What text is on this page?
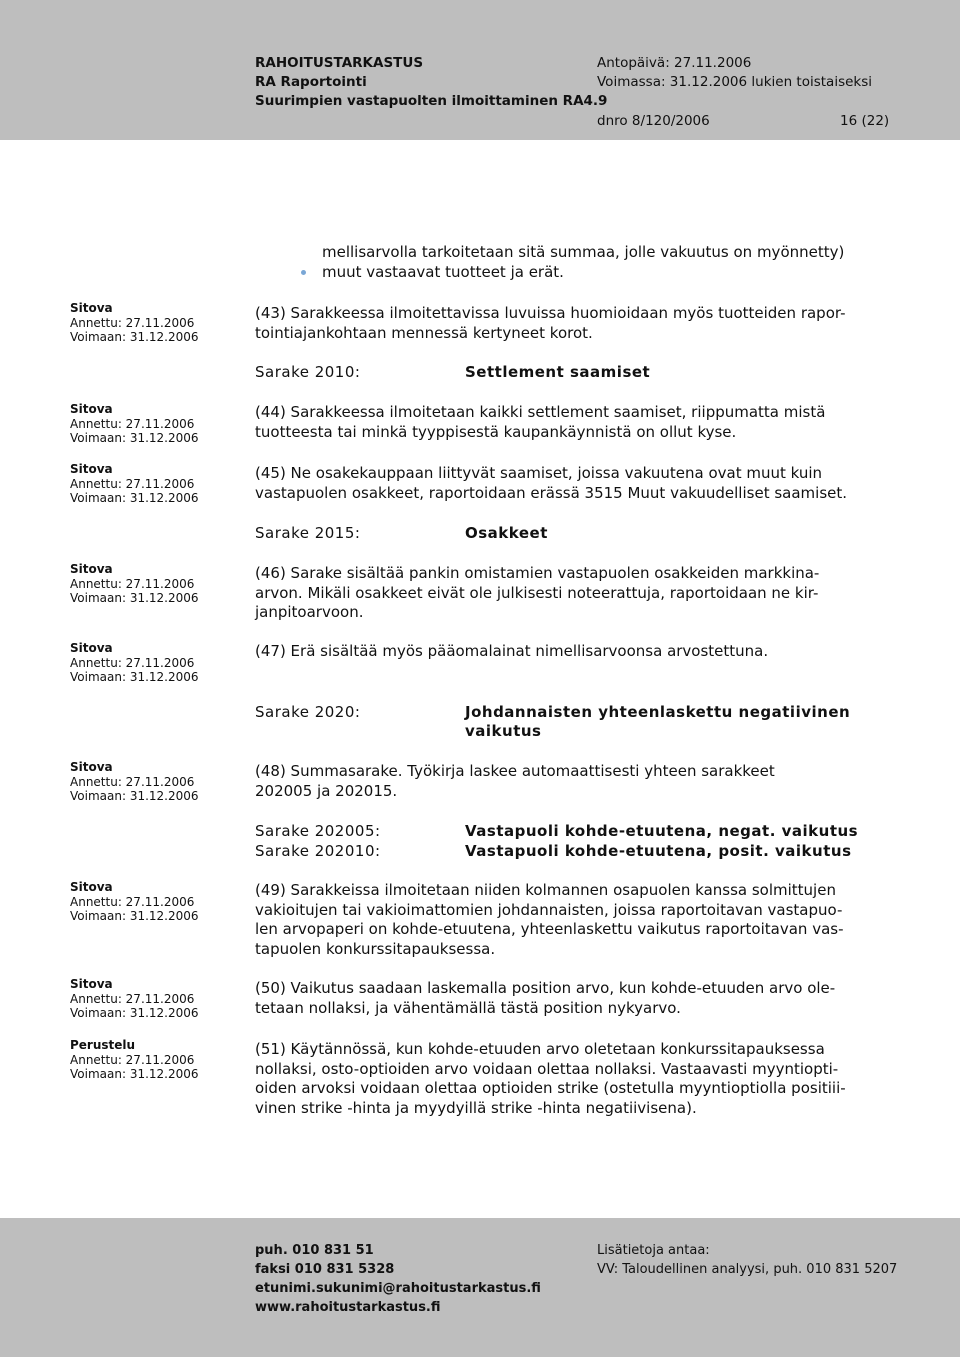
RAHOITUSTARKASTUS
RA Raportointi
Suurimpien vastapuolten ilmoittaminen RA4.9
Antopäivä: 27.11.2006
Voimassa: 31.12.2006 lukien toistaiseksi
dnro 8/120/2006	16 (22)
mellisarvolla tarkoitetaan sitä summaa, jolle vakuutus on myönnetty)
muut vastaavat tuotteet ja erät.
Sitova
Annettu: 27.11.2006
Voimaan: 31.12.2006
(43) Sarakkeessa ilmoitettavissa luvuissa huomioidaan myös tuotteiden rapor-
tointiajankohtaan mennessä kertyneet korot.
Sarake 2010:	Settlement saamiset
Sitova
Annettu: 27.11.2006
Voimaan: 31.12.2006
(44) Sarakkeessa ilmoitetaan kaikki settlement saamiset, riippumatta mistä
tuotteesta tai minkä tyyppisestä kaupankäynnistä on ollut kyse.
Sitova
Annettu: 27.11.2006
Voimaan: 31.12.2006
(45) Ne osakekauppaan liittyvät saamiset, joissa vakuutena ovat muut kuin
vastapuolen osakkeet, raportoidaan erässä 3515 Muut vakuudelliset saamiset.
Sarake 2015:	Osakkeet
Sitova
Annettu: 27.11.2006
Voimaan: 31.12.2006
(46) Sarake sisältää pankin omistamien vastapuolen osakkeiden markkina-
arvon. Mikäli osakkeet eivät ole julkisesti noteerattuja, raportoidaan ne kir-
janpitoarvoon.
Sitova
Annettu: 27.11.2006
Voimaan: 31.12.2006
(47) Erä sisältää myös pääomalainat nimellisarvoonsa arvostettuna.
Sarake 2020:	Johdannaisten yhteenlaskettu negatiivinen
vaikutus
Sitova
Annettu: 27.11.2006
Voimaan: 31.12.2006
(48) Summasarake. Työkirja laskee automaattisesti yhteen sarakkeet
202005 ja 202015.
Sarake 202005:	Vastapuoli kohde-etuutena, negat. vaikutus
Sarake 202010:	Vastapuoli kohde-etuutena, posit. vaikutus
Sitova
Annettu: 27.11.2006
Voimaan: 31.12.2006
(49) Sarakkeissa ilmoitetaan niiden kolmannen osapuolen kanssa solmittujen
vakioitujen tai vakioimattomien johdannaisten, joissa raportoitavan vastapuo-
len arvopaperi on kohde-etuutena, yhteenlaskettu vaikutus raportoitavan vas-
tapuolen konkurssitapauksessa.
Sitova
Annettu: 27.11.2006
Voimaan: 31.12.2006
(50) Vaikutus saadaan laskemalla position arvo, kun kohde-etuuden arvo ole-
tetaan nollaksi, ja vähentämällä tästä position nykyarvo.
Perustelu
Annettu: 27.11.2006
Voimaan: 31.12.2006
(51) Käytännössä, kun kohde-etuuden arvo oletetaan konkurssitapauksessa
nollaksi, osto-optioiden arvo voidaan olettaa nollaksi. Vastaavasti myyntiopti-
oiden arvoksi voidaan olettaa optioiden strike (ostetulla myyntioptiolla positiii-
vinen strike -hinta ja myydyillä strike -hinta negatiivisena).
puh. 010 831 51
faksi 010 831 5328
etunimi.sukunimi@rahoitustarkastus.fi
www.rahoitustarkastus.fi
Lisätietoja antaa:
VV: Taloudellinen analyysi, puh. 010 831 5207
